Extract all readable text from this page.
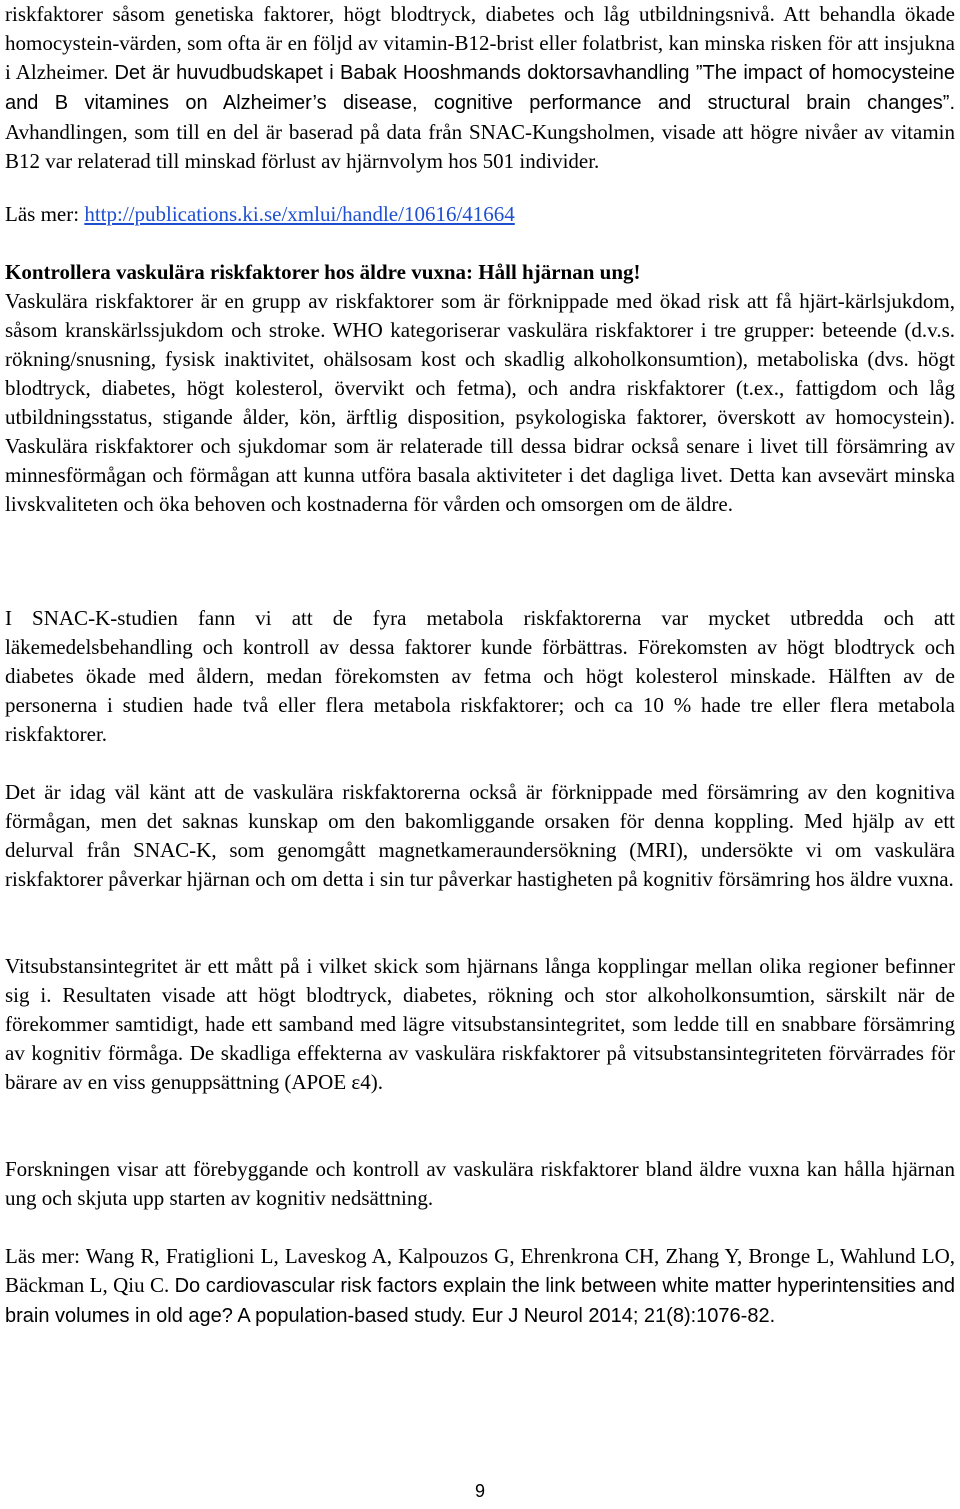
riskfaktorer såsom genetiska faktorer, högt blodtryck, diabetes och låg utbildningsnivå. Att behandla ökade homocystein-värden, som ofta är en följd av vitamin-B12-brist eller folatbrist, kan minska risken för att insjukna i Alzheimer. Det är huvudbudskapet i Babak Hooshmands doktorsavhandling ”The impact of homocysteine and B vitamines on Alzheimer’s disease, cognitive performance and structural brain changes”. Avhandlingen, som till en del är baserad på data från SNAC-Kungsholmen, visade att högre nivåer av vitamin B12 var relaterad till minskad förlust av hjärnvolym hos 501 individer.

Läs mer: http://publications.ki.se/xmlui/handle/10616/41664

Kontrollera vaskulära riskfaktorer hos äldre vuxna: Håll hjärnan ung!

Vaskulära riskfaktorer är en grupp av riskfaktorer som är förknippade med ökad risk att få hjärt-kärlsjukdom, såsom kranskärlssjukdom och stroke. WHO kategoriserar vaskulära riskfaktorer i tre grupper: beteende (d.v.s. rökning/snusning, fysisk inaktivitet, ohälsosam kost och skadlig alkoholkonsumtion), metaboliska (dvs. högt blodtryck, diabetes, högt kolesterol, övervikt och fetma), och andra riskfaktorer (t.ex., fattigdom och låg utbildningsstatus, stigande ålder, kön, ärftlig disposition, psykologiska faktorer, överskott av homocystein). Vaskulära riskfaktorer och sjukdomar som är relaterade till dessa bidrar också senare i livet till försämring av minnesförmågan och förmågan att kunna utföra basala aktiviteter i det dagliga livet. Detta kan avsevärt minska livskvaliteten och öka behoven och kostnaderna för vården och omsorgen om de äldre.

I SNAC-K-studien fann vi att de fyra metabola riskfaktorerna var mycket utbredda och att läkemedelsbehandling och kontroll av dessa faktorer kunde förbättras. Förekomsten av högt blodtryck och diabetes ökade med åldern, medan förekomsten av fetma och högt kolesterol minskade. Hälften av de personerna i studien hade två eller flera metabola riskfaktorer; och ca 10 % hade tre eller flera metabola riskfaktorer.

Det är idag väl känt att de vaskulära riskfaktorerna också är förknippade med försämring av den kognitiva förmågan, men det saknas kunskap om den bakomliggande orsaken för denna koppling. Med hjälp av ett delurval från SNAC-K, som genomgått magnetkameraundersökning (MRI), undersökte vi om vaskulära riskfaktorer påverkar hjärnan och om detta i sin tur påverkar hastigheten på kognitiv försämring hos äldre vuxna.

Vitsubstansintegritet är ett mått på i vilket skick som hjärnans långa kopplingar mellan olika regioner befinner sig i. Resultaten visade att högt blodtryck, diabetes, rökning och stor alkoholkonsumtion, särskilt när de förekommer samtidigt, hade ett samband med lägre vitsubstansintegritet, som ledde till en snabbare försämring av kognitiv förmåga. De skadliga effekterna av vaskulära riskfaktorer på vitsubstansintegriteten förvärrades för bärare av en viss genuppsättning (APOE ε4).

Forskningen visar att förebyggande och kontroll av vaskulära riskfaktorer bland äldre vuxna kan hålla hjärnan ung och skjuta upp starten av kognitiv nedsättning.

Läs mer: Wang R, Fratiglioni L, Laveskog A, Kalpouzos G, Ehrenkrona CH, Zhang Y, Bronge L, Wahlund LO, Bäckman L, Qiu C. Do cardiovascular risk factors explain the link between white matter hyperintensities and brain volumes in old age? A population-based study. Eur J Neurol 2014; 21(8):1076-82.

9
